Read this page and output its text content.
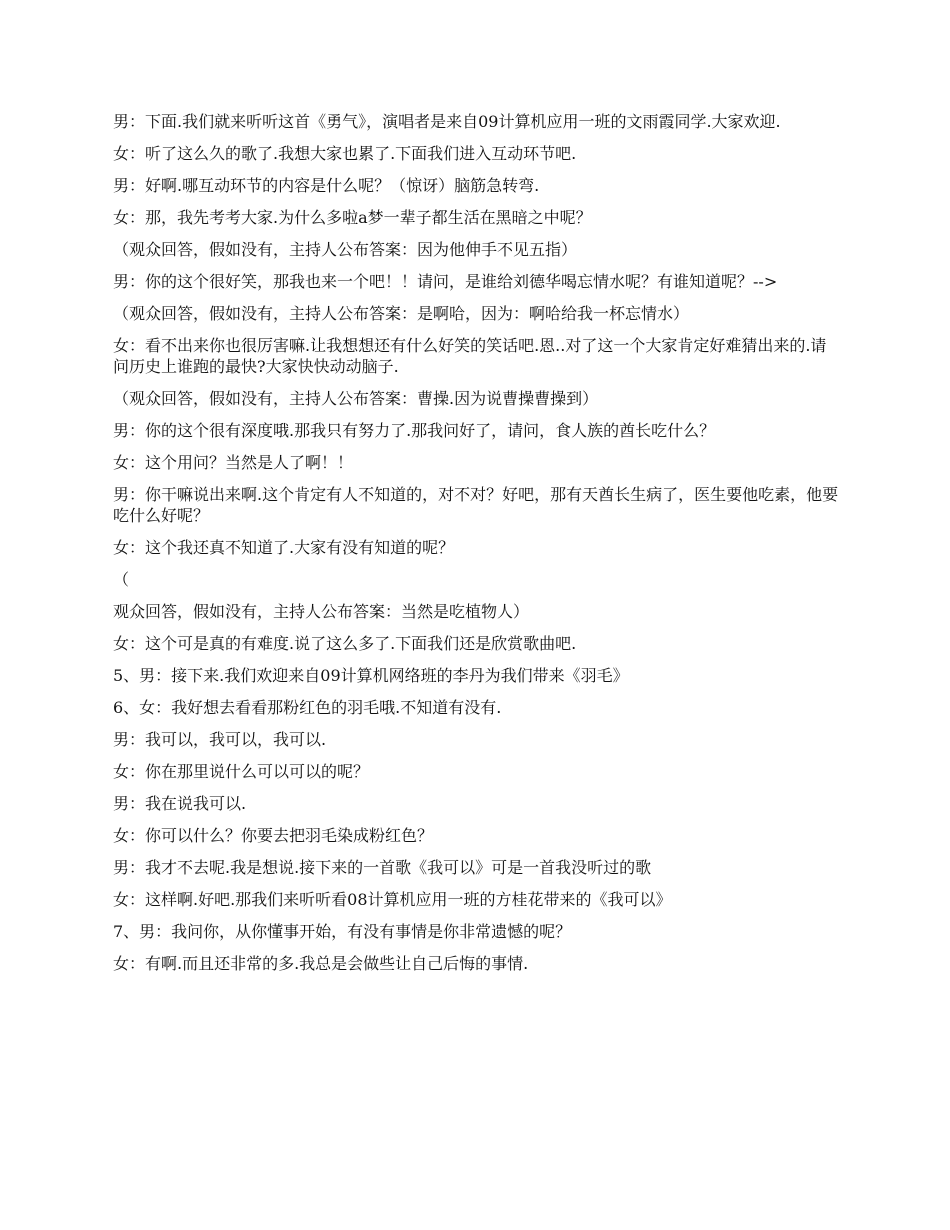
男：下面.我们就来听听这首《勇气》，演唱者是来自09计算机应用一班的文雨霞同学.大家欢迎.

女：听了这么久的歌了.我想大家也累了.下面我们进入互动环节吧.

男：好啊.哪互动环节的内容是什么呢？（惊讶）脑筋急转弯.

女：那，我先考考大家.为什么多啦a梦一辈子都生活在黑暗之中呢？

（观众回答，假如没有，主持人公布答案：因为他伸手不见五指）

男：你的这个很好笑，那我也来一个吧！！请问，是谁给刘德华喝忘情水呢？有谁知道呢？-->

（观众回答，假如没有，主持人公布答案：是啊哈，因为：啊哈给我一杯忘情水）

女：看不出来你也很厉害嘛.让我想想还有什么好笑的笑话吧.恩..对了这一个大家肯定好难猜出来的.请问历史上谁跑的最快?大家快快动动脑子.

（观众回答，假如没有，主持人公布答案：曹操.因为说曹操曹操到）

男：你的这个很有深度哦.那我只有努力了.那我问好了，请问，食人族的酋长吃什么？

女：这个用问？当然是人了啊！！

男：你干嘛说出来啊.这个肯定有人不知道的，对不对？好吧，那有天酋长生病了，医生要他吃素，他要吃什么好呢？

女：这个我还真不知道了.大家有没有知道的呢？

（

观众回答，假如没有，主持人公布答案：当然是吃植物人）

女：这个可是真的有难度.说了这么多了.下面我们还是欣赏歌曲吧.

5、男：接下来.我们欢迎来自09计算机网络班的李丹为我们带来《羽毛》

6、女：我好想去看看那粉红色的羽毛哦.不知道有没有.

男：我可以，我可以，我可以.

女：你在那里说什么可以可以的呢？

男：我在说我可以.

女：你可以什么？你要去把羽毛染成粉红色？

男：我才不去呢.我是想说.接下来的一首歌《我可以》可是一首我没听过的歌

女：这样啊.好吧.那我们来听听看08计算机应用一班的方桂花带来的《我可以》

7、男：我问你，从你懂事开始，有没有事情是你非常遗憾的呢？

女：有啊.而且还非常的多.我总是会做些让自己后悔的事情.
